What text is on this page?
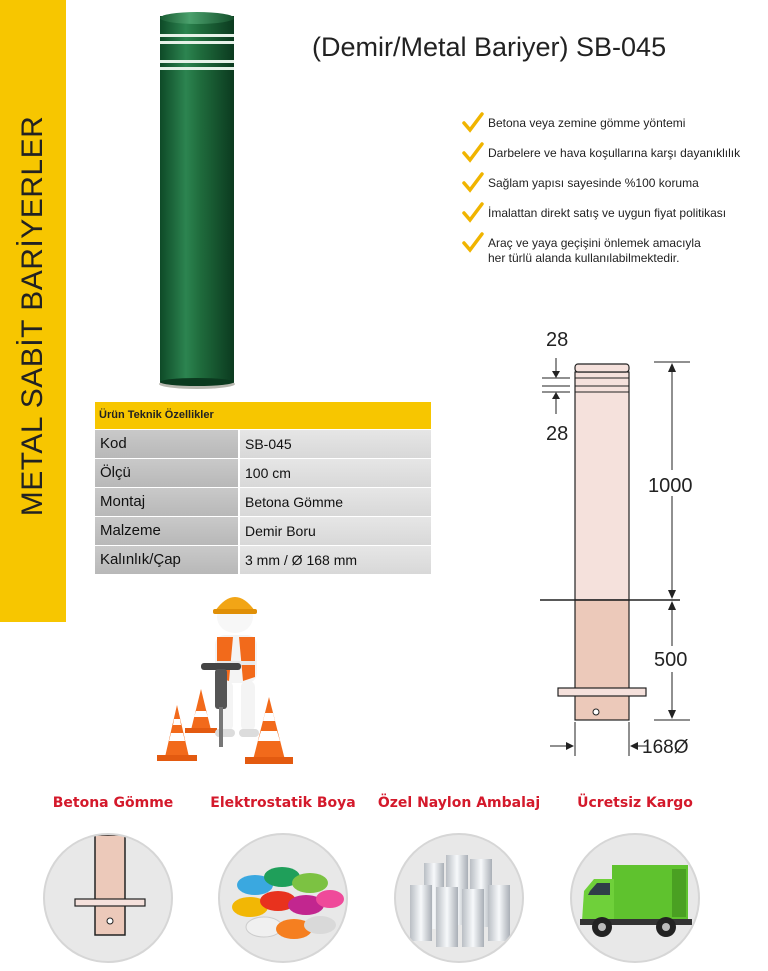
METAL SABİT BARİYERLER
(Demir/Metal Bariyer) SB-045
Betona veya zemine gömme yöntemi
Darbelere ve hava koşullarına karşı dayanıklılık
Sağlam yapısı sayesinde %100 koruma
İmalattan direkt satış ve uygun fiyat politikası
Araç ve yaya geçişini önlemek amacıyla
her türlü alanda kullanılabilmektedir.
Ürün Teknik Özellikler
Kod	SB-045
Ölçü	100 cm
Montaj	Betona Gömme
Malzeme	Demir Boru
Kalınlık/Çap	3 mm / Ø 168 mm
28
28
1000
500
168Ø
Betona Gömme	Elektrostatik Boya Özel Naylon Ambalaj	Ücretsiz Kargo
